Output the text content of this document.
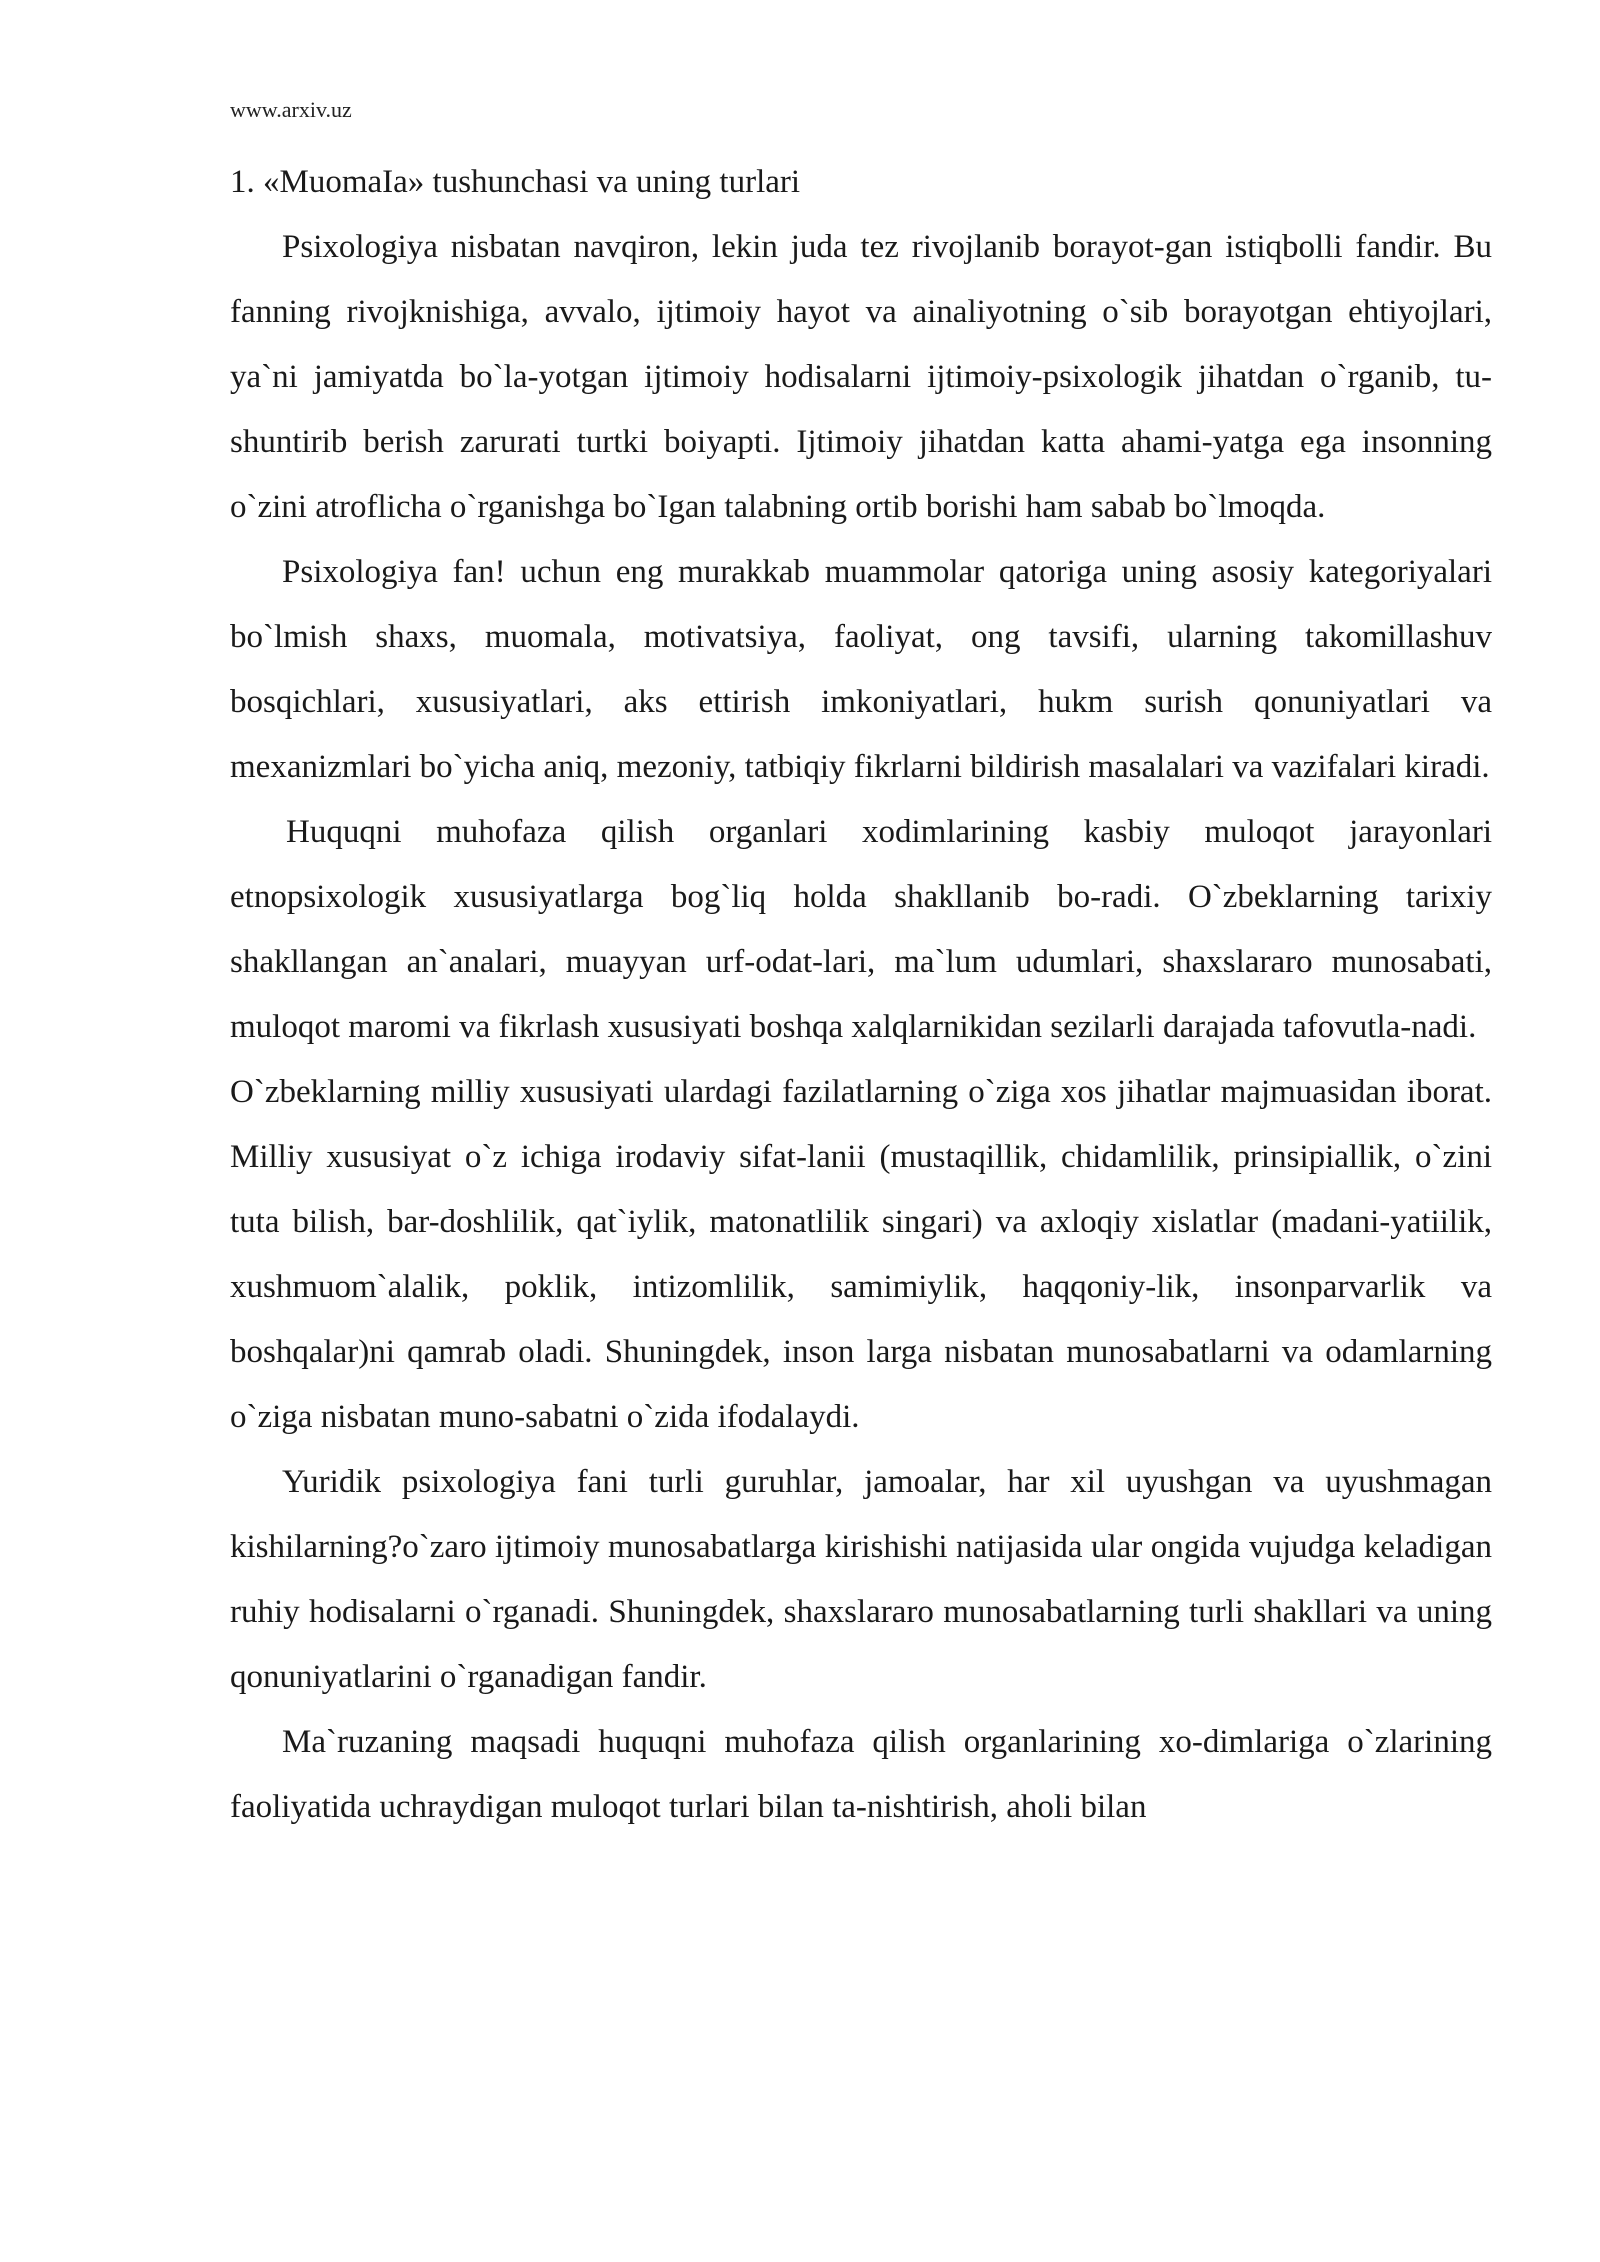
www.arxiv.uz
1. «MuomaIa» tushunchasi va uning turlari

Psixologiya nisbatan navqiron, lekin juda tez rivojlanib borayot-gan istiqbolli fandir. Bu fanning rivojknishiga, avvalo, ijtimoiy hayot va ainaliyotning o`sib borayotgan ehtiyojlari, ya`ni jamiyatda bo`la-yotgan ijtimoiy hodisalarni ijtimoiy-psixologik jihatdan o`rganib, tu-shuntirib berish zarurati turtki boiyapti. Ijtimoiy jihatdan katta ahami-yatga ega insonning o`zini atroflicha o`rganishga bo`Igan talabning ortib borishi ham sabab bo`lmoqda.

Psixologiya fan! uchun eng murakkab muammolar qatoriga uning asosiy kategoriyalari bo`lmish shaxs, muomala, motivatsiya, faoliyat, ong tavsifi, ularning takomillashuv bosqichlari, xususiyatlari, aks ettirish imkoniyatlari, hukm surish qonuniyatlari va mexanizmlari bo`yicha aniq, mezoniy, tatbiqiy fikrlarni bildirish masalalari va vazifalari kiradi.

Huquqni muhofaza qilish organlari xodimlarining kasbiy muloqot jarayonlari etnopsixologik xususiyatlarga bog`liq holda shakllanib bo-radi. O`zbeklarning tarixiy shakllangan an`analari, muayyan urf-odat-lari, ma`lum udumlari, shaxslararo munosabati, muloqot maromi va fikrlash xususiyati boshqa xalqlarnikidan sezilarli darajada tafovutla-nadi.

O`zbeklarning milliy xususiyati ulardagi fazilatlarning o`ziga xos jihatlar majmuasidan iborat. Milliy xususiyat o`z ichiga irodaviy sifat-lanii (mustaqillik, chidamlilik, prinsipiallik, o`zini tuta bilish, bar-doshlilik, qat`iylik, matonatlilik singari) va axloqiy xislatlar (madani-yatiilik, xushmuom`alalik, poklik, intizomlilik, samimiylik, haqqoniy-lik, insonparvarlik va boshqalar)ni qamrab oladi. Shuningdek, inson larga nisbatan munosabatlarni va odamlarning o`ziga nisbatan muno-sabatni o`zida ifodalaydi.

Yuridik psixologiya fani turli guruhlar, jamoalar, har xil uyushgan va uyushmagan kishilarning?o`zaro ijtimoiy munosabatlarga kirishishi natijasida ular ongida vujudga keladigan ruhiy hodisalarni o`rganadi. Shuningdek, shaxslararo munosabatlarning turli shakllari va uning qonuniyatlarini o`rganadigan fandir.

Ma`ruzaning maqsadi huquqni muhofaza qilish organlarining xo-dimlariga o`zlarining faoliyatida uchraydigan muloqot turlari bilan ta-nishtirish, aholi bilan
